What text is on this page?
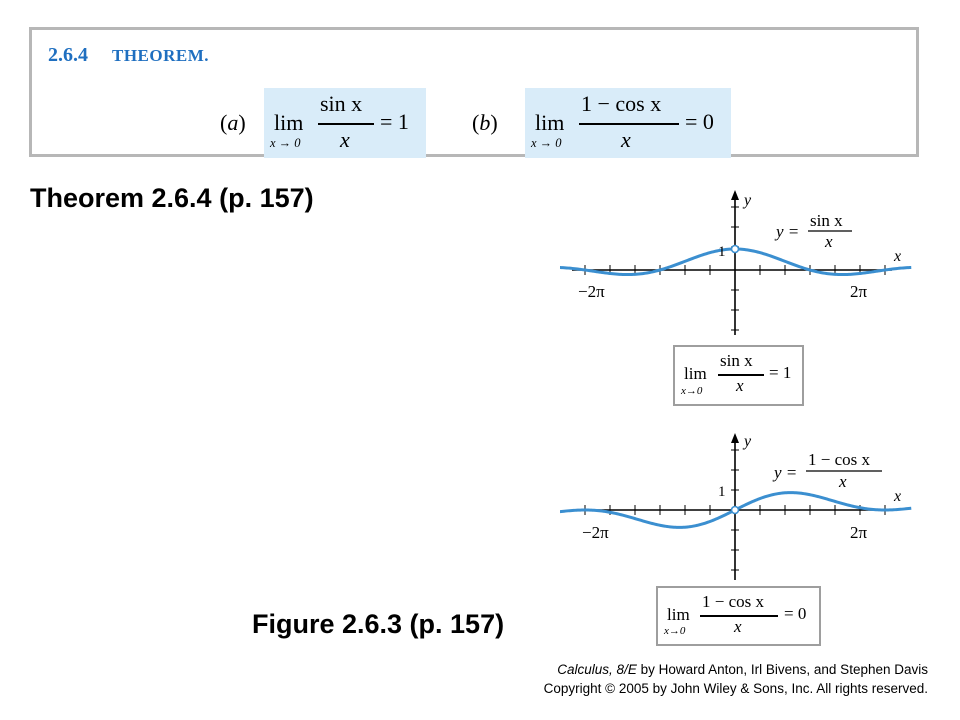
2.6.4 THEOREM.
(a) lim
x → 0
sin x
x
= 1	(b) lim
x → 0
1 − cos x
x
= 0
Theorem 2.6.4 (p. 157)
Figure 2.6.3 (p. 157)
y
x
1
−2π	2π
y =
sin x
x
lim
x→0
sin x
x
= 1
y
x
1
−2π	2π
y =
1 − cos x
x
lim
x→0
1 − cos x
x
= 0
Calculus, 8/E by Howard Anton, Irl Bivens, and Stephen Davis
Copyright © 2005 by John Wiley & Sons, Inc. All rights reserved.
